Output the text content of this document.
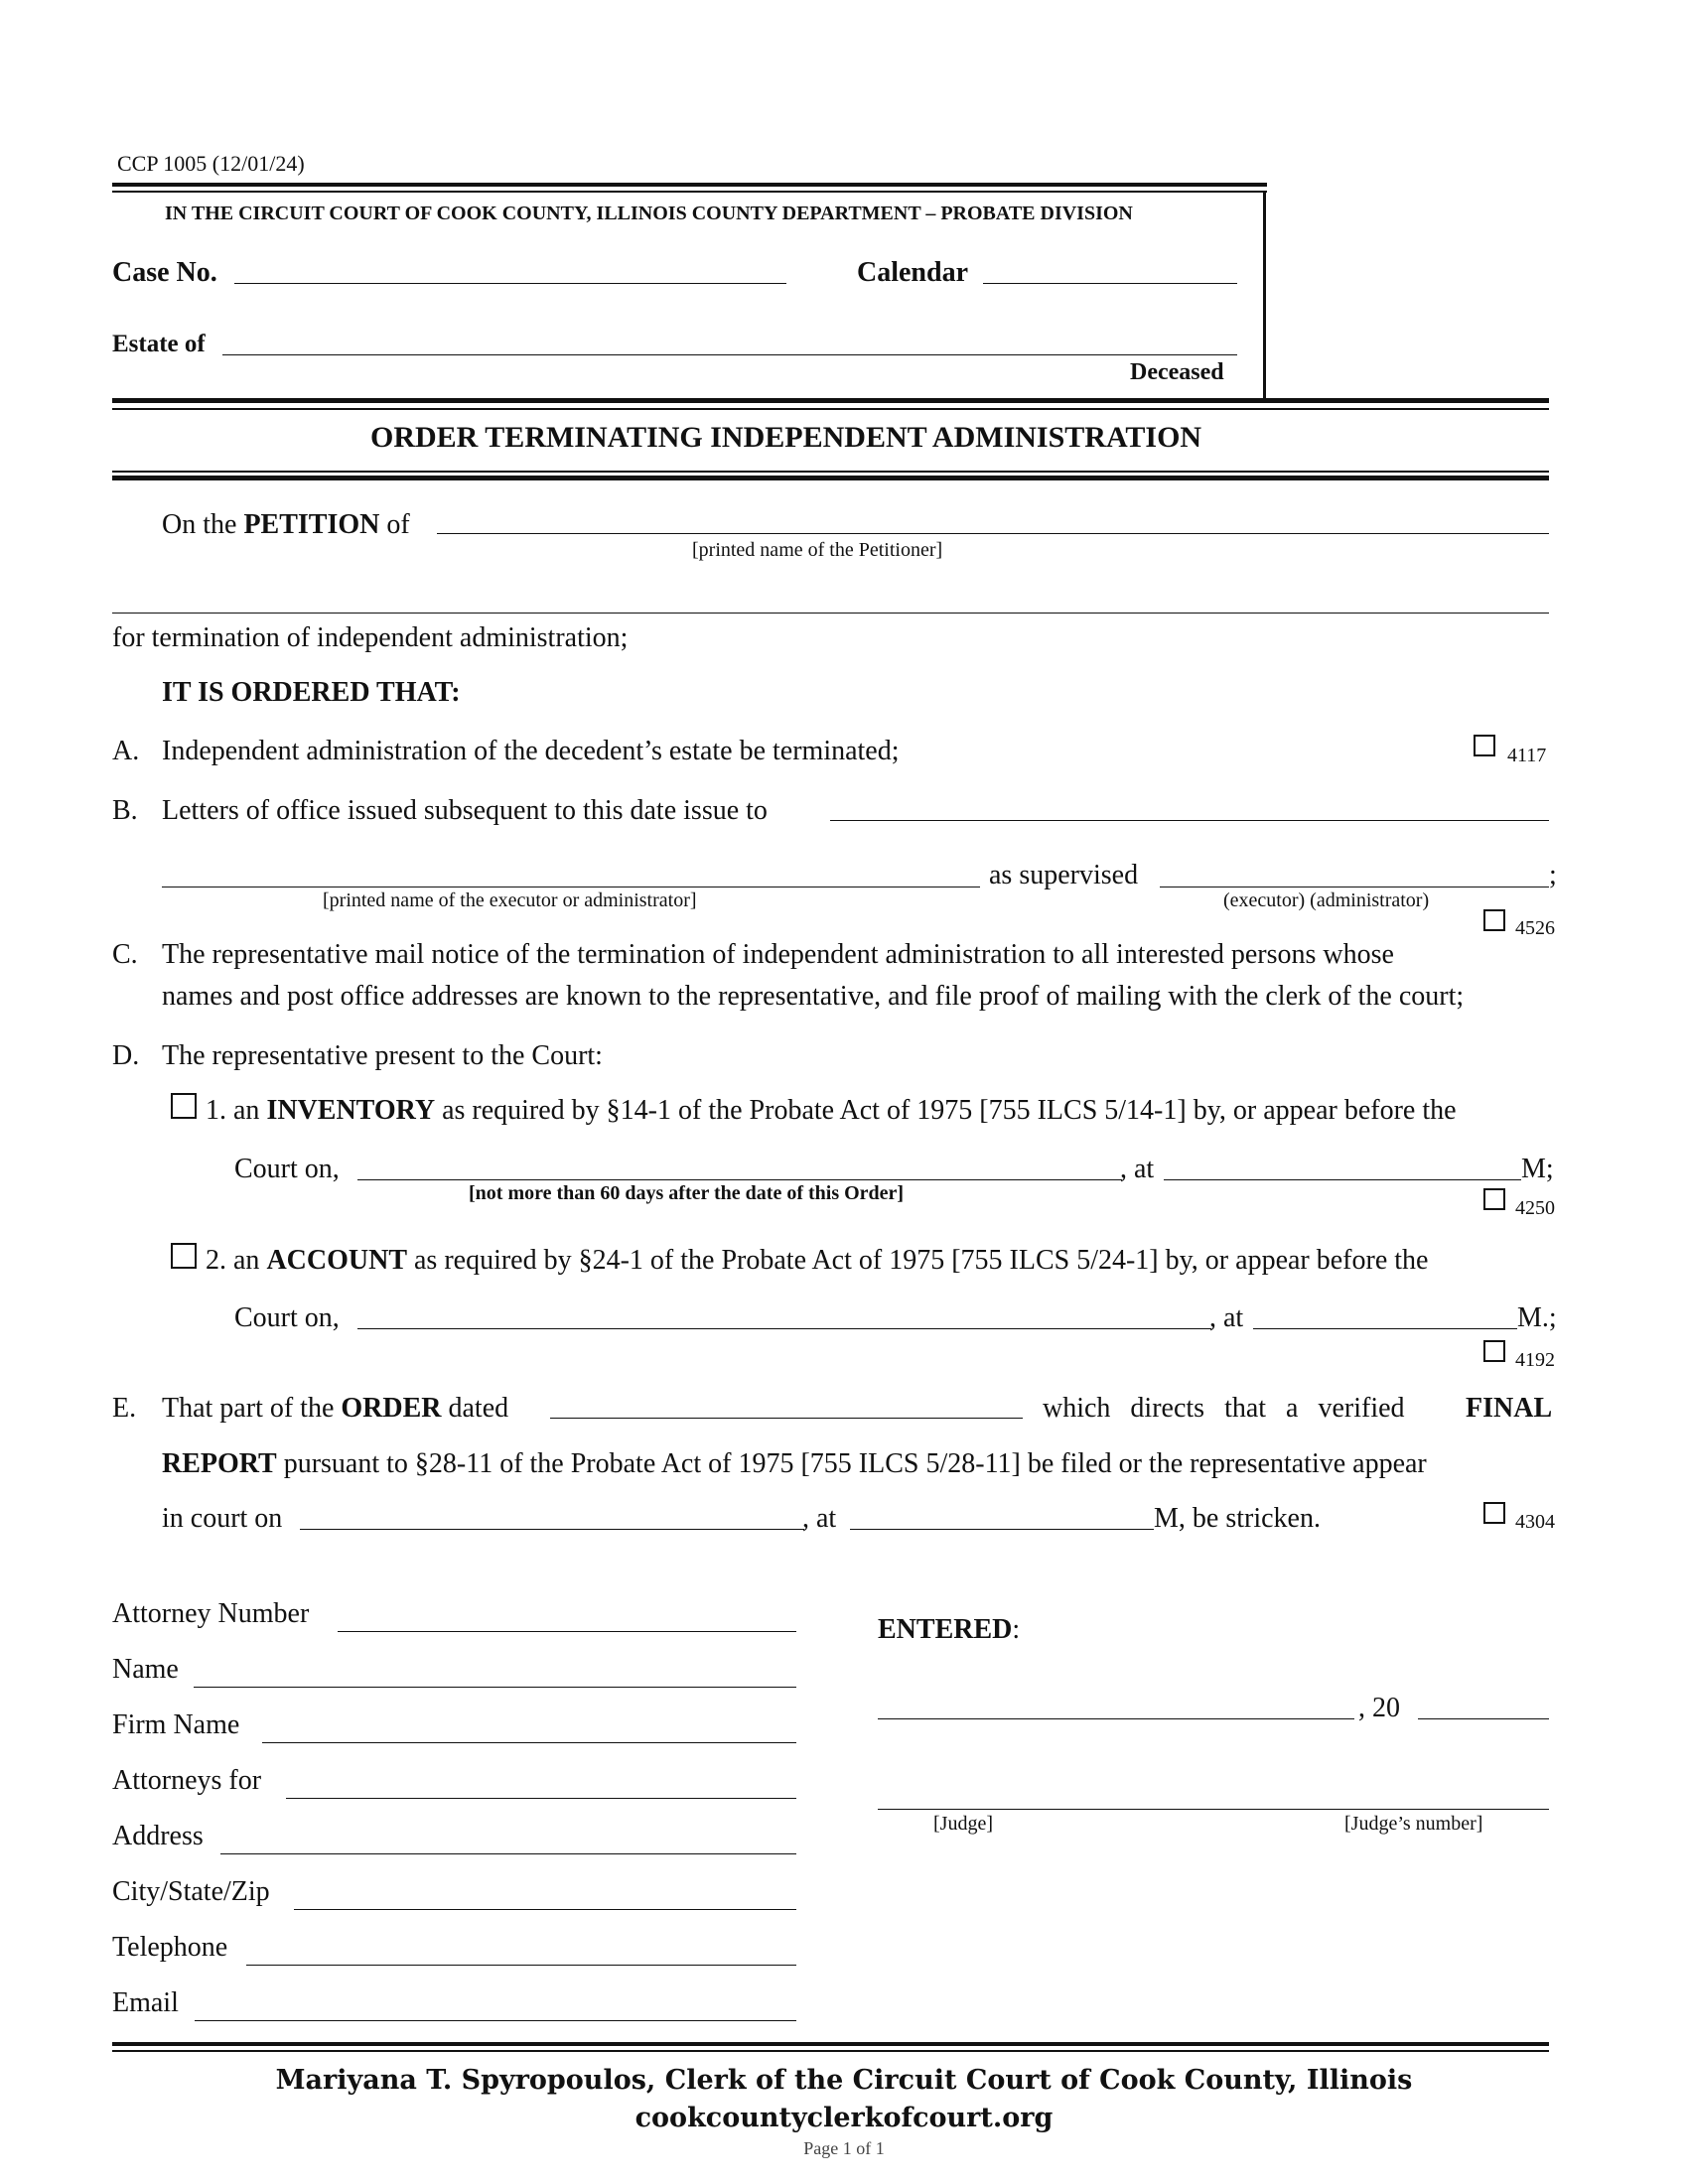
CCP 1005 (12/01/24)
IN THE CIRCUIT COURT OF COOK COUNTY, ILLINOIS COUNTY DEPARTMENT – PROBATE DIVISION
Case No.	Calendar
Estate of
Deceased
ORDER TERMINATING INDEPENDENT ADMINISTRATION
On the PETITION of
[printed name of the Petitioner]
for termination of independent administration;
IT IS ORDERED THAT:
A. Independent administration of the decedent’s estate be terminated;	4117
B. Letters of office issued subsequent to this date issue to
as supervised	;
[printed name of the executor or administrator]	(executor) (administrator)
4526
C. The representative mail notice of the termination of independent administration to all interested persons whose
names and post office addresses are known to the representative, and file proof of mailing with the clerk of the court;
D. The representative present to the Court:
1. an INVENTORY as required by §14-1 of the Probate Act of 1975 [755 ILCS 5/14-1] by, or appear before the
Court on,	, at	M;
[not more than 60 days after the date of this Order]
4250
2. an ACCOUNT as required by §24-1 of the Probate Act of 1975 [755 ILCS 5/24-1] by, or appear before the
Court on,	, at	M.;
4192
E. That part of the ORDER dated	which directs that a verified FINAL
REPORT pursuant to §28-11 of the Probate Act of 1975 [755 ILCS 5/28-11] be filed or the representative appear
in court on	, at	M, be stricken.	4304
Attorney Number
Name
Firm Name
Attorneys for
Address
City/State/Zip
Telephone
Email
ENTERED:
, 20
[Judge]	[Judge’s number]
Mariyana T. Spyropoulos, Clerk of the Circuit Court of Cook County, Illinois
cookcountyclerkofcourt.org
Page 1 of 1
